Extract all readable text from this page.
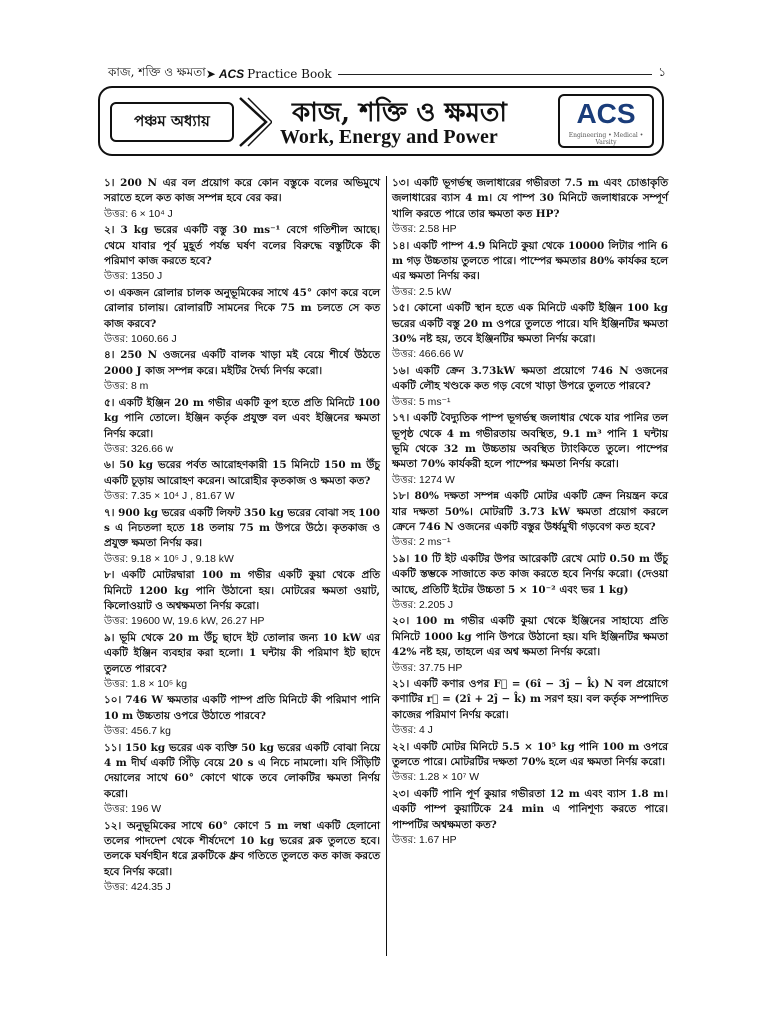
কাজ, শক্তি ও ক্ষমতা ➤ ACS Practice Book	১
পঞ্চম অধ্যায়	কাজ, শক্তি ও ক্ষমতা
Work, Energy and Power
ACS
Engineering • Medical • Varsity
১। 200 N এর বল প্রয়োগ করে কোন বস্তুকে বলের অভিমুখে সরাতে হলে কত কাজ সম্পন্ন হবে বের কর।
উত্তর: 6 × 10⁴ J
২। 3 kg ভরের একটি বস্তু 30 ms⁻¹ বেগে গতিশীল আছে। থেমে যাবার পূর্ব মুহূর্ত পর্যন্ত ঘর্ষণ বলের বিরুদ্ধে বস্তুটিকে কী পরিমাণ কাজ করতে হবে?
উত্তর: 1350 J
৩। একজন রোলার চালক অনুভূমিকের সাথে 45° কোণ করে বলে রোলার চালায়। রোলারটি সামনের দিকে 75 m চলতে সে কত কাজ করবে?
উত্তর: 1060.66 J
৪। 250 N ওজনের একটি বালক খাড়া মই বেয়ে শীর্ষে উঠতে 2000 J কাজ সম্পন্ন করে। মইটির দৈর্ঘ্য নির্ণয় করো।
উত্তর: 8 m
৫। একটি ইঞ্জিন 20 m গভীর একটি কূপ হতে প্রতি মিনিটে 100 kg পানি তোলে। ইঞ্জিন কর্তৃক প্রযুক্ত বল এবং ইঞ্জিনের ক্ষমতা নির্ণয় করো।
উত্তর: 326.66 w
৬। 50 kg ভরের পর্বত আরোহণকারী 15 মিনিটে 150 m উঁচু একটি চূড়ায় আরোহণ করেন। আরোহীর কৃতকাজ ও ক্ষমতা কত?
উত্তর: 7.35 × 10⁴ J , 81.67 W
৭। 900 kg ভরের একটি লিফট 350 kg ভরের বোঝা সহ 100 s এ নিচতলা হতে 18 তলায় 75 m উপরে উঠে। কৃতকাজ ও প্রযুক্ত ক্ষমতা নির্ণয় কর।
উত্তর: 9.18 × 10⁵ J , 9.18 kW
৮। একটি মোটরদ্বারা 100 m গভীর একটি কুয়া থেকে প্রতি মিনিটে 1200 kg পানি উঠানো হয়। মোটরের ক্ষমতা ওয়াট, কিলোওয়াট ও অশ্বক্ষমতা নির্ণয় করো।
উত্তর: 19600 W, 19.6 kW, 26.27 HP
৯। ভূমি থেকে 20 m উঁচু ছাদে ইট তোলার জন্য 10 kW এর একটি ইঞ্জিন ব্যবহার করা হলো। 1 ঘন্টায় কী পরিমাণ ইট ছাদে তুলতে পারবে?
উত্তর: 1.8 × 10⁵ kg
১০। 746 W ক্ষমতার একটি পাম্প প্রতি মিনিটে কী পরিমাণ পানি 10 m উচ্চতায় ওপরে উঠাতে পারবে?
উত্তর: 456.7 kg
১১। 150 kg ভরের এক ব্যক্তি 50 kg ভরের একটি বোঝা নিয়ে 4 m দীর্ঘ একটি সিঁড়ি বেয়ে 20 s এ নিচে নামলো। যদি সিঁড়িটি দেয়ালের সাথে 60° কোণে থাকে তবে লোকটির ক্ষমতা নির্ণয় করো।
উত্তর: 196 W
১২। অনুভূমিকের সাথে 60° কোণে 5 m লম্বা একটি হেলানো তলের পাদদেশ থেকে শীর্ষদেশে 10 kg ভরের ব্লক তুলতে হবে। তলকে ঘর্ষণহীন ধরে ব্লকটিকে ধ্রুব গতিতে তুলতে কত কাজ করতে হবে নির্ণয় করো।
উত্তর: 424.35 J
১৩। একটি ভূগর্ভস্থ জলাধারের গভীরতা 7.5 m এবং চোঙাকৃতি জলাধারের ব্যাস 4 m। যে পাম্প 30 মিনিটে জলাধারকে সম্পূর্ণ খালি করতে পারে তার ক্ষমতা কত HP?
উত্তর: 2.58 HP
১৪। একটি পাম্প 4.9 মিনিটে কুয়া থেকে 10000 লিটার পানি 6 m গড় উচ্চতায় তুলতে পারে। পাম্পের ক্ষমতার 80% কার্যকর হলে এর ক্ষমতা নির্ণয় কর।
উত্তর: 2.5 kW
১৫। কোনো একটি স্থান হতে এক মিনিটে একটি ইঞ্জিন 100 kg ভরের একটি বস্তু 20 m ওপরে তুলতে পারে। যদি ইঞ্জিনটির ক্ষমতা 30% নষ্ট হয়, তবে ইঞ্জিনটির ক্ষমতা নির্ণয় করো।
উত্তর: 466.66 W
১৬। একটি ক্রেন 3.73kW ক্ষমতা প্রয়োগে 746 N ওজনের একটি লৌহ খণ্ডকে কত গড় বেগে খাড়া উপরে তুলতে পারবে?
উত্তর: 5 ms⁻¹
১৭। একটি বৈদ্যুতিক পাম্প ভূগর্ভস্থ জলাধার থেকে যার পানির তল ভূপৃষ্ঠ থেকে 4 m গভীরতায় অবস্থিত, 9.1 m³ পানি 1 ঘন্টায় ভূমি থেকে 32 m উচ্চতায় অবস্থিত ট্যাংকিতে তুলে। পাম্পের ক্ষমতা 70% কার্যকরী হলে পাম্পের ক্ষমতা নির্ণয় করো।
উত্তর: 1274 W
১৮। 80% দক্ষতা সম্পন্ন একটি মোটর একটি ক্রেন নিয়ন্ত্রন করে যার দক্ষতা 50%। মোটরটি 3.73 kW ক্ষমতা প্রয়োগ করলে ক্রেনে 746 N ওজনের একটি বস্তুর উর্ধ্বমুখী গড়বেগ কত হবে?
উত্তর: 2 ms⁻¹
১৯। 10 টি ইট একটির উপর আরেকটি রেখে মোট 0.50 m উঁচু একটি স্তম্ভকে সাজাতে কত কাজ করতে হবে নির্ণয় করো। (দেওয়া আছে, প্রতিটি ইটের উচ্চতা 5 × 10⁻² এবং ভর 1 kg)
উত্তর: 2.205 J
২০। 100 m গভীর একটি কুয়া থেকে ইঞ্জিনের সাহায্যে প্রতি মিনিটে 1000 kg পানি উপরে উঠানো হয়। যদি ইঞ্জিনটির ক্ষমতা 42% নষ্ট হয়, তাহলে এর অশ্ব ক্ষমতা নির্ণয় করো।
উত্তর: 37.75 HP
২১। একটি কণার ওপর F⃗ = (6î − 3ĵ − k̂) N বল প্রয়োগে কণাটির r⃗ = (2î + 2ĵ − k̂) m সরণ হয়। বল কর্তৃক সম্পাদিত কাজের পরিমাণ নির্ণয় করো।
উত্তর: 4 J
২২। একটি মোটর মিনিটে 5.5 × 10⁵ kg পানি 100 m ওপরে তুলতে পারে। মোটরটির দক্ষতা 70% হলে এর ক্ষমতা নির্ণয় করো।
উত্তর: 1.28 × 10⁷ W
২৩। একটি পানি পূর্ণ কুয়ার গভীরতা 12 m এবং ব্যাস 1.8 m। একটি পাম্প কুয়াটিকে 24 min এ পানিশূণ্য করতে পারে। পাম্পটির অশ্বক্ষমতা কত?
উত্তর: 1.67 HP
